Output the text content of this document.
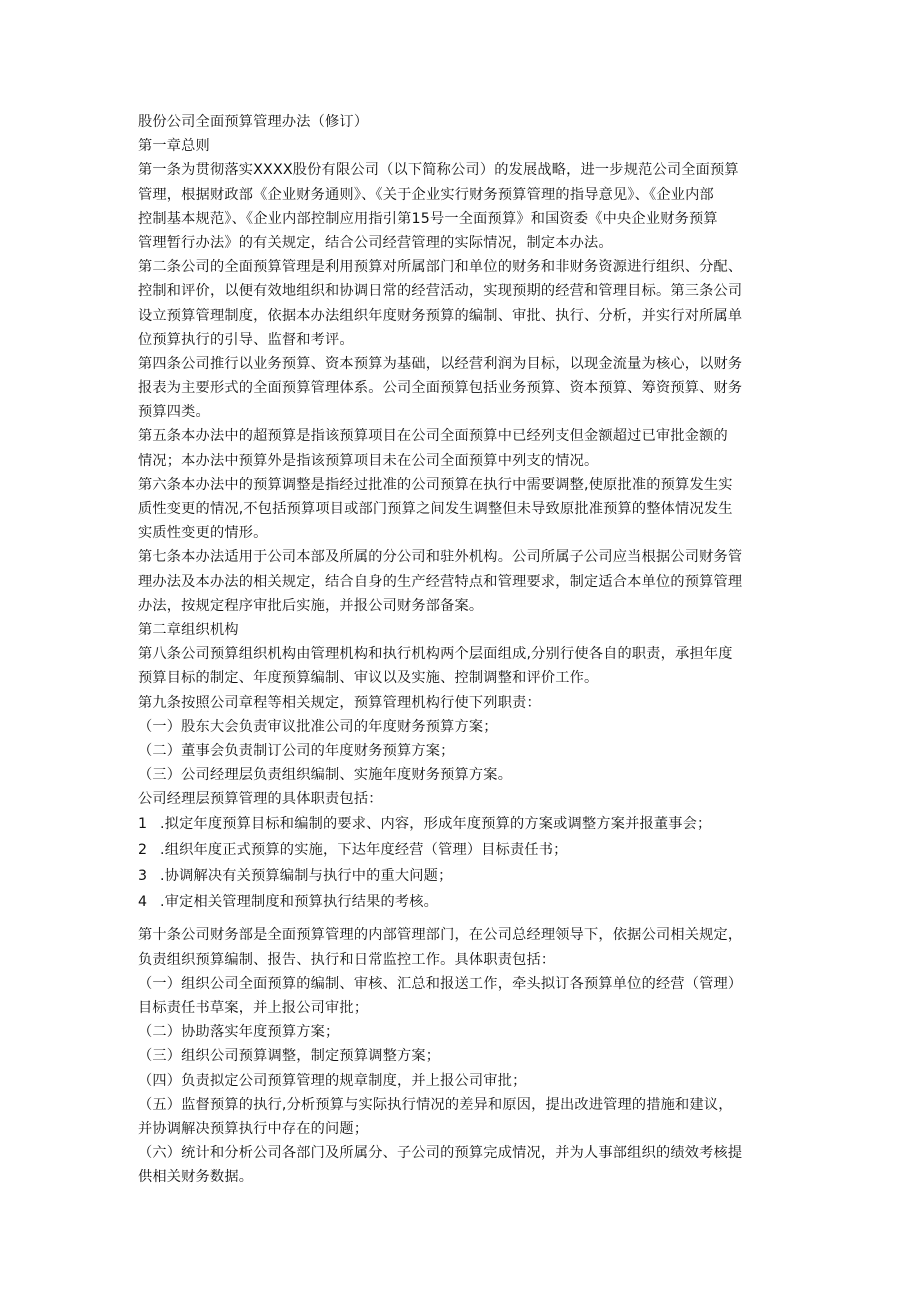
股份公司全面预算管理办法（修订）
第一章总则
第一条为贯彻落实XXXX股份有限公司（以下简称公司）的发展战略，进一步规范公司全面预算
管理，根据财政部《企业财务通则》、《关于企业实行财务预算管理的指导意见》、《企业内部
控制基本规范》、《企业内部控制应用指引第15号一全面预算》和国资委《中央企业财务预算
管理暂行办法》的有关规定，结合公司经营管理的实际情况，制定本办法。
第二条公司的全面预算管理是利用预算对所属部门和单位的财务和非财务资源进行组织、分配、
控制和评价，以便有效地组织和协调日常的经营活动，实现预期的经营和管理目标。第三条公司
设立预算管理制度，依据本办法组织年度财务预算的编制、审批、执行、分析，并实行对所属单
位预算执行的引导、监督和考评。
第四条公司推行以业务预算、资本预算为基础，以经营利润为目标，以现金流量为核心，以财务
报表为主要形式的全面预算管理体系。公司全面预算包括业务预算、资本预算、筹资预算、财务
预算四类。
第五条本办法中的超预算是指该预算项目在公司全面预算中已经列支但金额超过已审批金额的
情况；本办法中预算外是指该预算项目未在公司全面预算中列支的情况。
第六条本办法中的预算调整是指经过批准的公司预算在执行中需要调整,使原批准的预算发生实
质性变更的情况,不包括预算项目或部门预算之间发生调整但未导致原批准预算的整体情况发生
实质性变更的情形。
第七条本办法适用于公司本部及所属的分公司和驻外机构。公司所属子公司应当根据公司财务管
理办法及本办法的相关规定，结合自身的生产经营特点和管理要求，制定适合本单位的预算管理
办法，按规定程序审批后实施，并报公司财务部备案。
第二章组织机构
第八条公司预算组织机构由管理机构和执行机构两个层面组成,分别行使各自的职责，承担年度
预算目标的制定、年度预算编制、审议以及实施、控制调整和评价工作。
第九条按照公司章程等相关规定，预算管理机构行使下列职责：
（一）股东大会负责审议批准公司的年度财务预算方案；
（二）董事会负责制订公司的年度财务预算方案；
（三）公司经理层负责组织编制、实施年度财务预算方案。
公司经理层预算管理的具体职责包括：
1 .拟定年度预算目标和编制的要求、内容，形成年度预算的方案或调整方案并报董事会；
2 .组织年度正式预算的实施，下达年度经营（管理）目标责任书；
3 .协调解决有关预算编制与执行中的重大问题；
4 .审定相关管理制度和预算执行结果的考核。
第十条公司财务部是全面预算管理的内部管理部门，在公司总经理领导下，依据公司相关规定，
负责组织预算编制、报告、执行和日常监控工作。具体职责包括：
（一）组织公司全面预算的编制、审核、汇总和报送工作，牵头拟订各预算单位的经营（管理）
目标责任书草案，并上报公司审批；
（二）协助落实年度预算方案；
（三）组织公司预算调整，制定预算调整方案；
（四）负责拟定公司预算管理的规章制度，并上报公司审批；
（五）监督预算的执行,分析预算与实际执行情况的差异和原因，提出改进管理的措施和建议，
并协调解决预算执行中存在的问题；
（六）统计和分析公司各部门及所属分、子公司的预算完成情况，并为人事部组织的绩效考核提
供相关财务数据。
